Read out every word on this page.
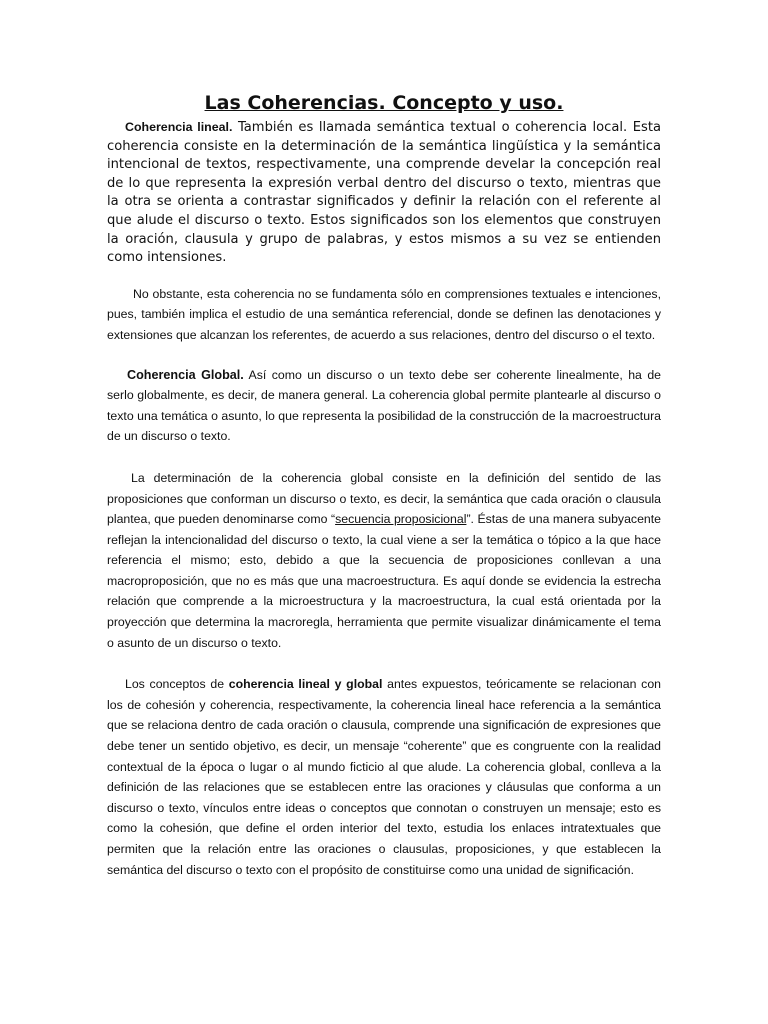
Las Coherencias. Concepto y uso.

Coherencia lineal. También es llamada semántica textual o coherencia local. Esta coherencia consiste en la determinación de la semántica lingüística y la semántica intencional de textos, respectivamente, una comprende develar la concepción real de lo que representa la expresión verbal dentro del discurso o texto, mientras que la otra se orienta a contrastar significados y definir la relación con el referente al que alude el discurso o texto. Estos significados son los elementos que construyen la oración, clausula y grupo de palabras, y estos mismos a su vez se entienden como intensiones.

No obstante, esta coherencia no se fundamenta sólo en comprensiones textuales e intenciones, pues, también implica el estudio de una semántica referencial, donde se definen las denotaciones y extensiones que alcanzan los referentes, de acuerdo a sus relaciones, dentro del discurso o el texto.

Coherencia Global. Así como un discurso o un texto debe ser coherente linealmente, ha de serlo globalmente, es decir, de manera general. La coherencia global permite plantearle al discurso o texto una temática o asunto, lo que representa la posibilidad de la construcción de la macroestructura de un discurso o texto.

La determinación de la coherencia global consiste en la definición del sentido de las proposiciones que conforman un discurso o texto, es decir, la semántica que cada oración o clausula plantea, que pueden denominarse como “secuencia proposicional”. Éstas de una manera subyacente reflejan la intencionalidad del discurso o texto, la cual viene a ser la temática o tópico a la que hace referencia el mismo; esto, debido a que la secuencia de proposiciones conllevan a una macroproposición, que no es más que una macroestructura. Es aquí donde se evidencia la estrecha relación que comprende a la microestructura y la macroestructura, la cual está orientada por la proyección que determina la macroregla, herramienta que permite visualizar dinámicamente el tema o asunto de un discurso o texto.

Los conceptos de coherencia lineal y global antes expuestos, teóricamente se relacionan con los de cohesión y coherencia, respectivamente, la coherencia lineal hace referencia a la semántica que se relaciona dentro de cada oración o clausula, comprende una significación de expresiones que debe tener un sentido objetivo, es decir, un mensaje “coherente” que es congruente con la realidad contextual de la época o lugar o al mundo ficticio al que alude. La coherencia global, conlleva a la definición de las relaciones que se establecen entre las oraciones y cláusulas que conforma a un discurso o texto, vínculos entre ideas o conceptos que connotan o construyen un mensaje; esto es como la cohesión, que define el orden interior del texto, estudia los enlaces intratextuales que permiten que la relación entre las oraciones o clausulas, proposiciones, y que establecen la semántica del discurso o texto con el propósito de constituirse como una unidad de significación.
